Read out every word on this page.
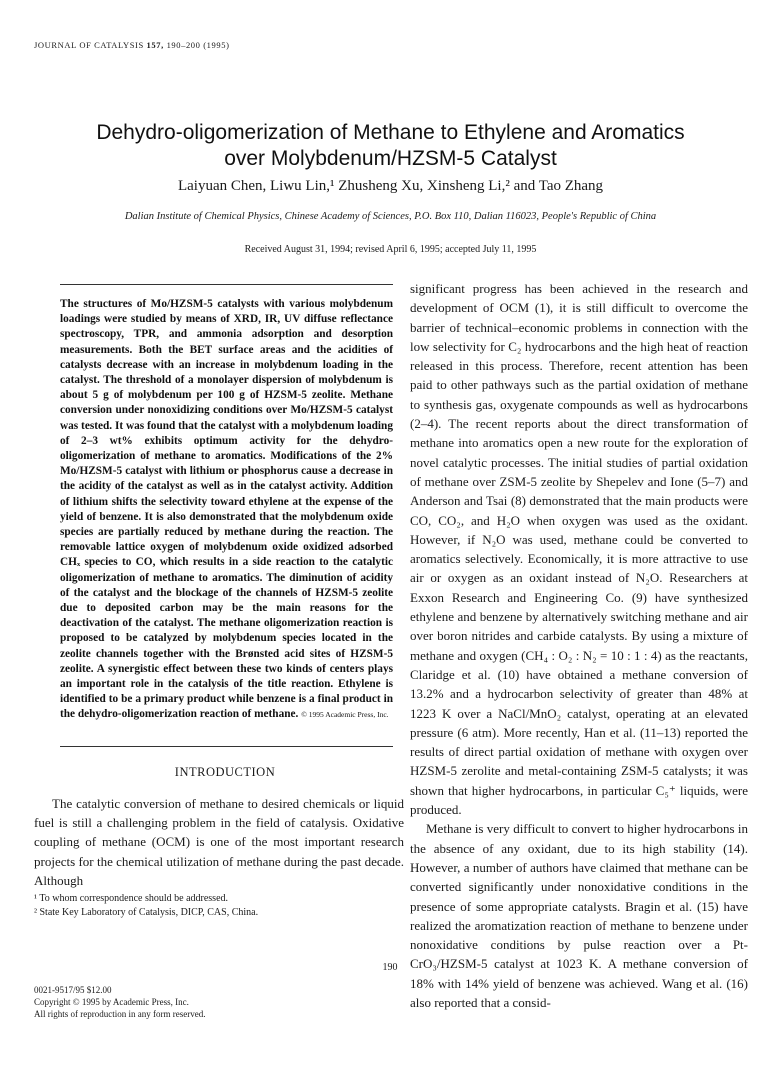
JOURNAL OF CATALYSIS 157, 190–200 (1995)
Dehydro-oligomerization of Methane to Ethylene and Aromatics
over Molybdenum/HZSM-5 Catalyst
Laiyuan Chen, Liwu Lin,¹ Zhusheng Xu, Xinsheng Li,² and Tao Zhang
Dalian Institute of Chemical Physics, Chinese Academy of Sciences, P.O. Box 110, Dalian 116023, People's Republic of China
Received August 31, 1994; revised April 6, 1995; accepted July 11, 1995
The structures of Mo/HZSM-5 catalysts with various molybdenum loadings were studied by means of XRD, IR, UV diffuse reflectance spectroscopy, TPR, and ammonia adsorption and desorption measurements. Both the BET surface areas and the acidities of catalysts decrease with an increase in molybdenum loading in the catalyst. The threshold of a monolayer dispersion of molybdenum is about 5 g of molybdenum per 100 g of HZSM-5 zeolite. Methane conversion under nonoxidizing conditions over Mo/HZSM-5 catalyst was tested. It was found that the catalyst with a molybdenum loading of 2–3 wt% exhibits optimum activity for the dehydro-oligomerization of methane to aromatics. Modifications of the 2% Mo/HZSM-5 catalyst with lithium or phosphorus cause a decrease in the acidity of the catalyst as well as in the catalyst activity. Addition of lithium shifts the selectivity toward ethylene at the expense of the yield of benzene. It is also demonstrated that the molybdenum oxide species are partially reduced by methane during the reaction. The removable lattice oxygen of molybdenum oxide oxidized adsorbed CHₓ species to CO, which results in a side reaction to the catalytic oligomerization of methane to aromatics. The diminution of acidity of the catalyst and the blockage of the channels of HZSM-5 zeolite due to deposited carbon may be the main reasons for the deactivation of the catalyst. The methane oligomerization reaction is proposed to be catalyzed by molybdenum species located in the zeolite channels together with the Brønsted acid sites of HZSM-5 zeolite. A synergistic effect between these two kinds of centers plays an important role in the catalysis of the title reaction. Ethylene is identified to be a primary product while benzene is a final product in the dehydro-oligomerization reaction of methane. © 1995 Academic Press, Inc.
INTRODUCTION
The catalytic conversion of methane to desired chemicals or liquid fuel is still a challenging problem in the field of catalysis. Oxidative coupling of methane (OCM) is one of the most important research projects for the chemical utilization of methane during the past decade. Although
¹ To whom correspondence should be addressed.
² State Key Laboratory of Catalysis, DICP, CAS, China.
190
0021-9517/95 $12.00
Copyright © 1995 by Academic Press, Inc.
All rights of reproduction in any form reserved.

significant progress has been achieved in the research and development of OCM (1), it is still difficult to overcome the barrier of technical–economic problems in connection with the low selectivity for C₂ hydrocarbons and the high heat of reaction released in this process. Therefore, recent attention has been paid to other pathways such as the partial oxidation of methane to synthesis gas, oxygenate compounds as well as hydrocarbons (2–4). The recent reports about the direct transformation of methane into aromatics open a new route for the exploration of novel catalytic processes. The initial studies of partial oxidation of methane over ZSM-5 zeolite by Shepelev and Ione (5–7) and Anderson and Tsai (8) demonstrated that the main products were CO, CO₂, and H₂O when oxygen was used as the oxidant. However, if N₂O was used, methane could be converted to aromatics selectively. Economically, it is more attractive to use air or oxygen as an oxidant instead of N₂O. Researchers at Exxon Research and Engineering Co. (9) have synthesized ethylene and benzene by alternatively switching methane and air over boron nitrides and carbide catalysts. By using a mixture of methane and oxygen (CH₄ : O₂ : N₂ = 10 : 1 : 4) as the reactants, Claridge et al. (10) have obtained a methane conversion of 13.2% and a hydrocarbon selectivity of greater than 48% at 1223 K over a NaCl/MnO₂ catalyst, operating at an elevated pressure (6 atm). More recently, Han et al. (11–13) reported the results of direct partial oxidation of methane with oxygen over HZSM-5 zerolite and metal-containing ZSM-5 catalysts; it was shown that higher hydrocarbons, in particular C₅⁺ liquids, were produced.

Methane is very difficult to convert to higher hydrocarbons in the absence of any oxidant, due to its high stability (14). However, a number of authors have claimed that methane can be converted significantly under nonoxidative conditions in the presence of some appropriate catalysts. Bragin et al. (15) have realized the aromatization reaction of methane to benzene under nonoxidative conditions by pulse reaction over a Pt-CrO₃/HZSM-5 catalyst at 1023 K. A methane conversion of 18% with 14% yield of benzene was achieved. Wang et al. (16) also reported that a consid-
